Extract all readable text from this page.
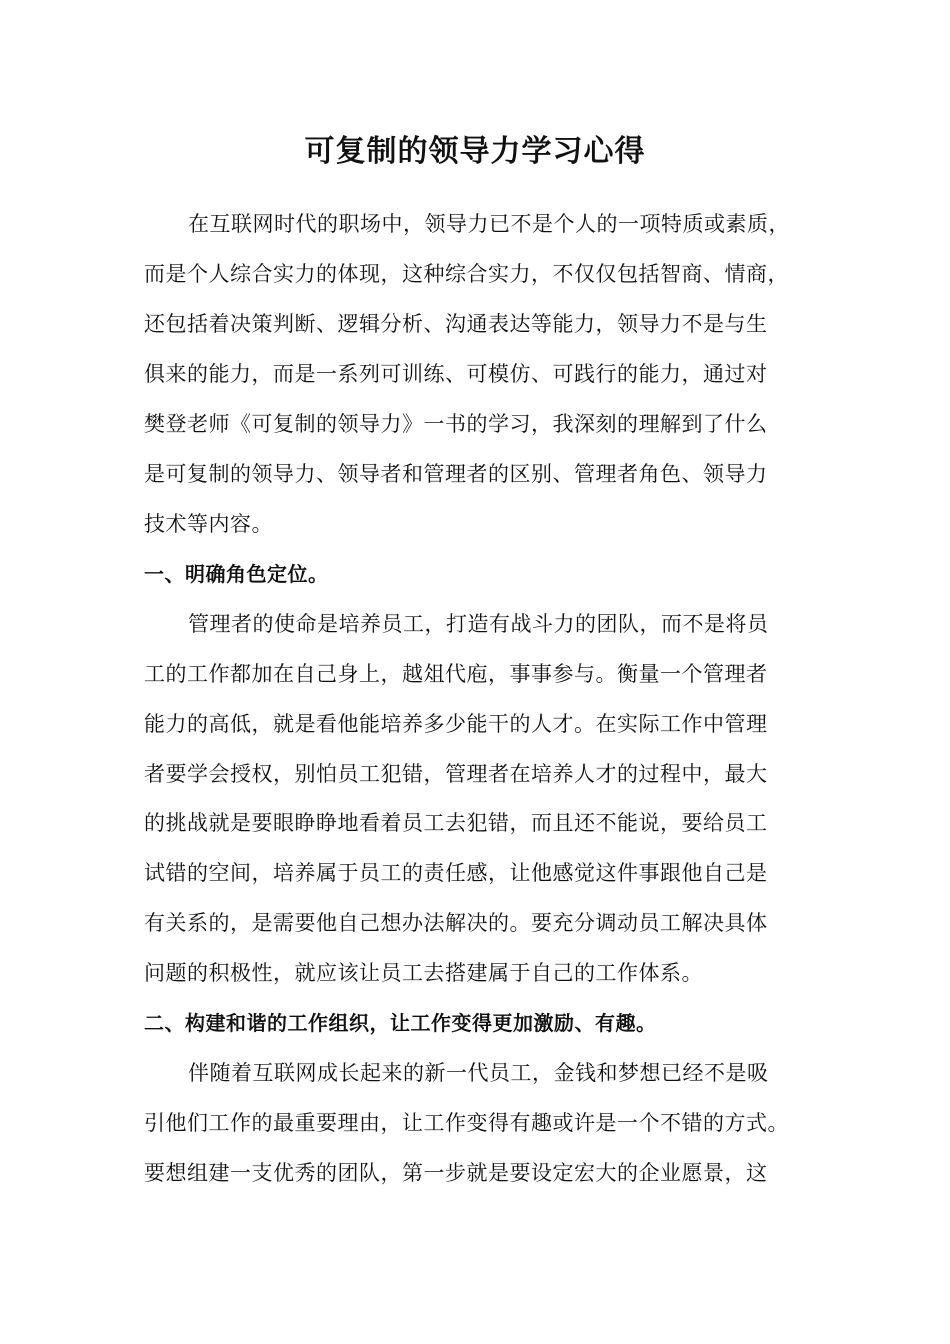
可复制的领导力学习心得
在互联网时代的职场中，领导力已不是个人的一项特质或素质，
而是个人综合实力的体现，这种综合实力，不仅仅包括智商、情商，
还包括着决策判断、逻辑分析、沟通表达等能力，领导力不是与生
俱来的能力，而是一系列可训练、可模仿、可践行的能力，通过对
樊登老师《可复制的领导力》一书的学习，我深刻的理解到了什么
是可复制的领导力、领导者和管理者的区别、管理者角色、领导力
技术等内容。
一、明确角色定位。
管理者的使命是培养员工，打造有战斗力的团队，而不是将员
工的工作都加在自己身上，越俎代庖，事事参与。衡量一个管理者
能力的高低，就是看他能培养多少能干的人才。在实际工作中管理
者要学会授权，别怕员工犯错，管理者在培养人才的过程中，最大
的挑战就是要眼睁睁地看着员工去犯错，而且还不能说，要给员工
试错的空间，培养属于员工的责任感，让他感觉这件事跟他自己是
有关系的，是需要他自己想办法解决的。要充分调动员工解决具体
问题的积极性，就应该让员工去搭建属于自己的工作体系。
二、构建和谐的工作组织，让工作变得更加激励、有趣。
伴随着互联网成长起来的新一代员工，金钱和梦想已经不是吸
引他们工作的最重要理由，让工作变得有趣或许是一个不错的方式。
要想组建一支优秀的团队，第一步就是要设定宏大的企业愿景，这
